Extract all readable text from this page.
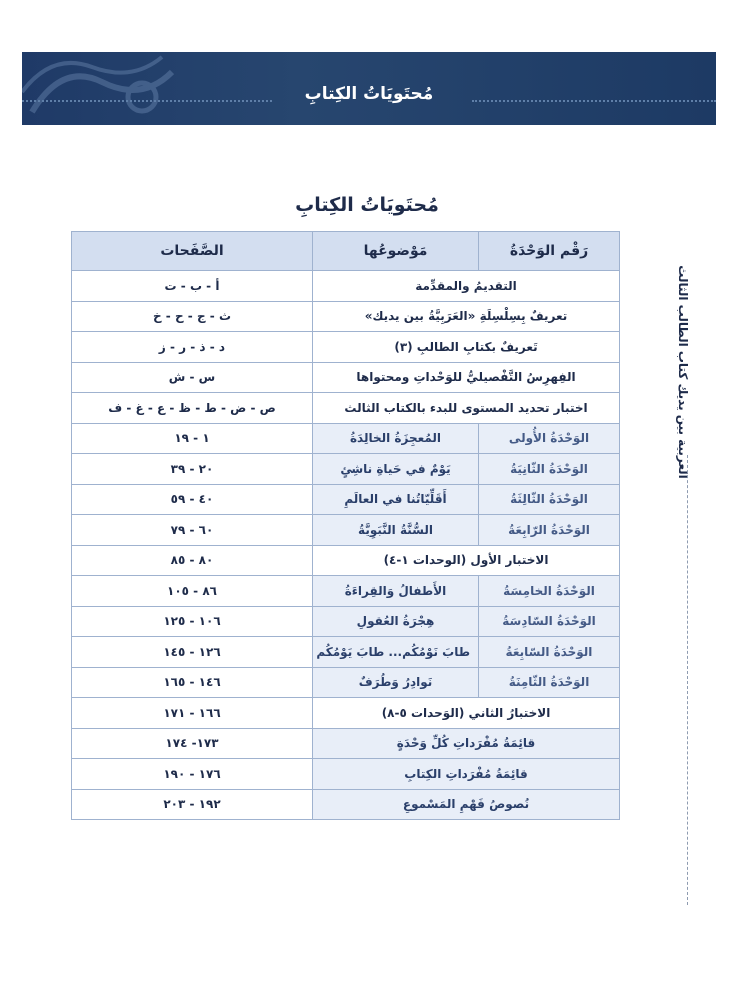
مُحتَويَاتُ الكِتابِ
العربية بين يديك كتاب الطالب الثالث
مُحتَويَاتُ الكِتابِ
رَقْم الوَحْدَةُ	مَوْضوعُها	الصَّفَحات
التقديمُ والمقدِّمة		أ - ب - ت
تعريفٌ بِسِلْسِلَةِ «العَرَبِيَّةُ بين يديك»		ث - ج - ح - خ
تَعريفٌ بكتابِ الطالبِ (٣)		د - ذ - ر - ز
الفِهرِسُ التَّفْصيليُّ للوَحْداتِ ومحتواها		س - ش
اختبار تحديد المستوى للبدء بالكتاب الثالث		ص - ض - ط - ظ - ع - غ - ف
الوَحْدَةُ الأُولى	المُعجِزَةُ الخالِدَةُ	١ - ١٩
الوَحْدَةُ الثّانِيَةُ	يَوْمٌ في حَياةِ ناشِئٍ	٢٠ - ٣٩
الوَحْدَةُ الثّالِثَةُ	أَقَلِّيّاتُنا في العالَمِ	٤٠ - ٥٩
الوَحْدَةُ الرّابِعَةُ	السُّنَّةُ النَّبَوِيَّةُ	٦٠ - ٧٩
الاختبار الأول (الوحدات ١-٤)		٨٠ - ٨٥
الوَحْدَةُ الخامِسَةُ	الأَطفالُ وَالقِراءَةُ	٨٦ - ١٠٥
الوَحْدَةُ السّادِسَةُ	هِجْرَةُ العُقولِ	١٠٦ - ١٢٥
الوَحْدَةُ السّابِعَةُ	طابَ نَوْمُكُم... طابَ يَوْمُكُم	١٢٦ - ١٤٥
الوَحْدَةُ الثّامِنَةُ	نَوادِرُ وَطُرَفٌ	١٤٦ - ١٦٥
الاختبارُ الثاني (الوَحدات ٥-٨)		١٦٦ - ١٧١
قائِمَةُ مُفْرَداتِ كُلِّ وَحْدَةٍ		١٧٣- ١٧٤
قائِمَةُ مُفْرَداتِ الكِتابِ		١٧٦ - ١٩٠
نُصوصُ فَهْمِ المَسْموعِ		١٩٢ - ٢٠٣
